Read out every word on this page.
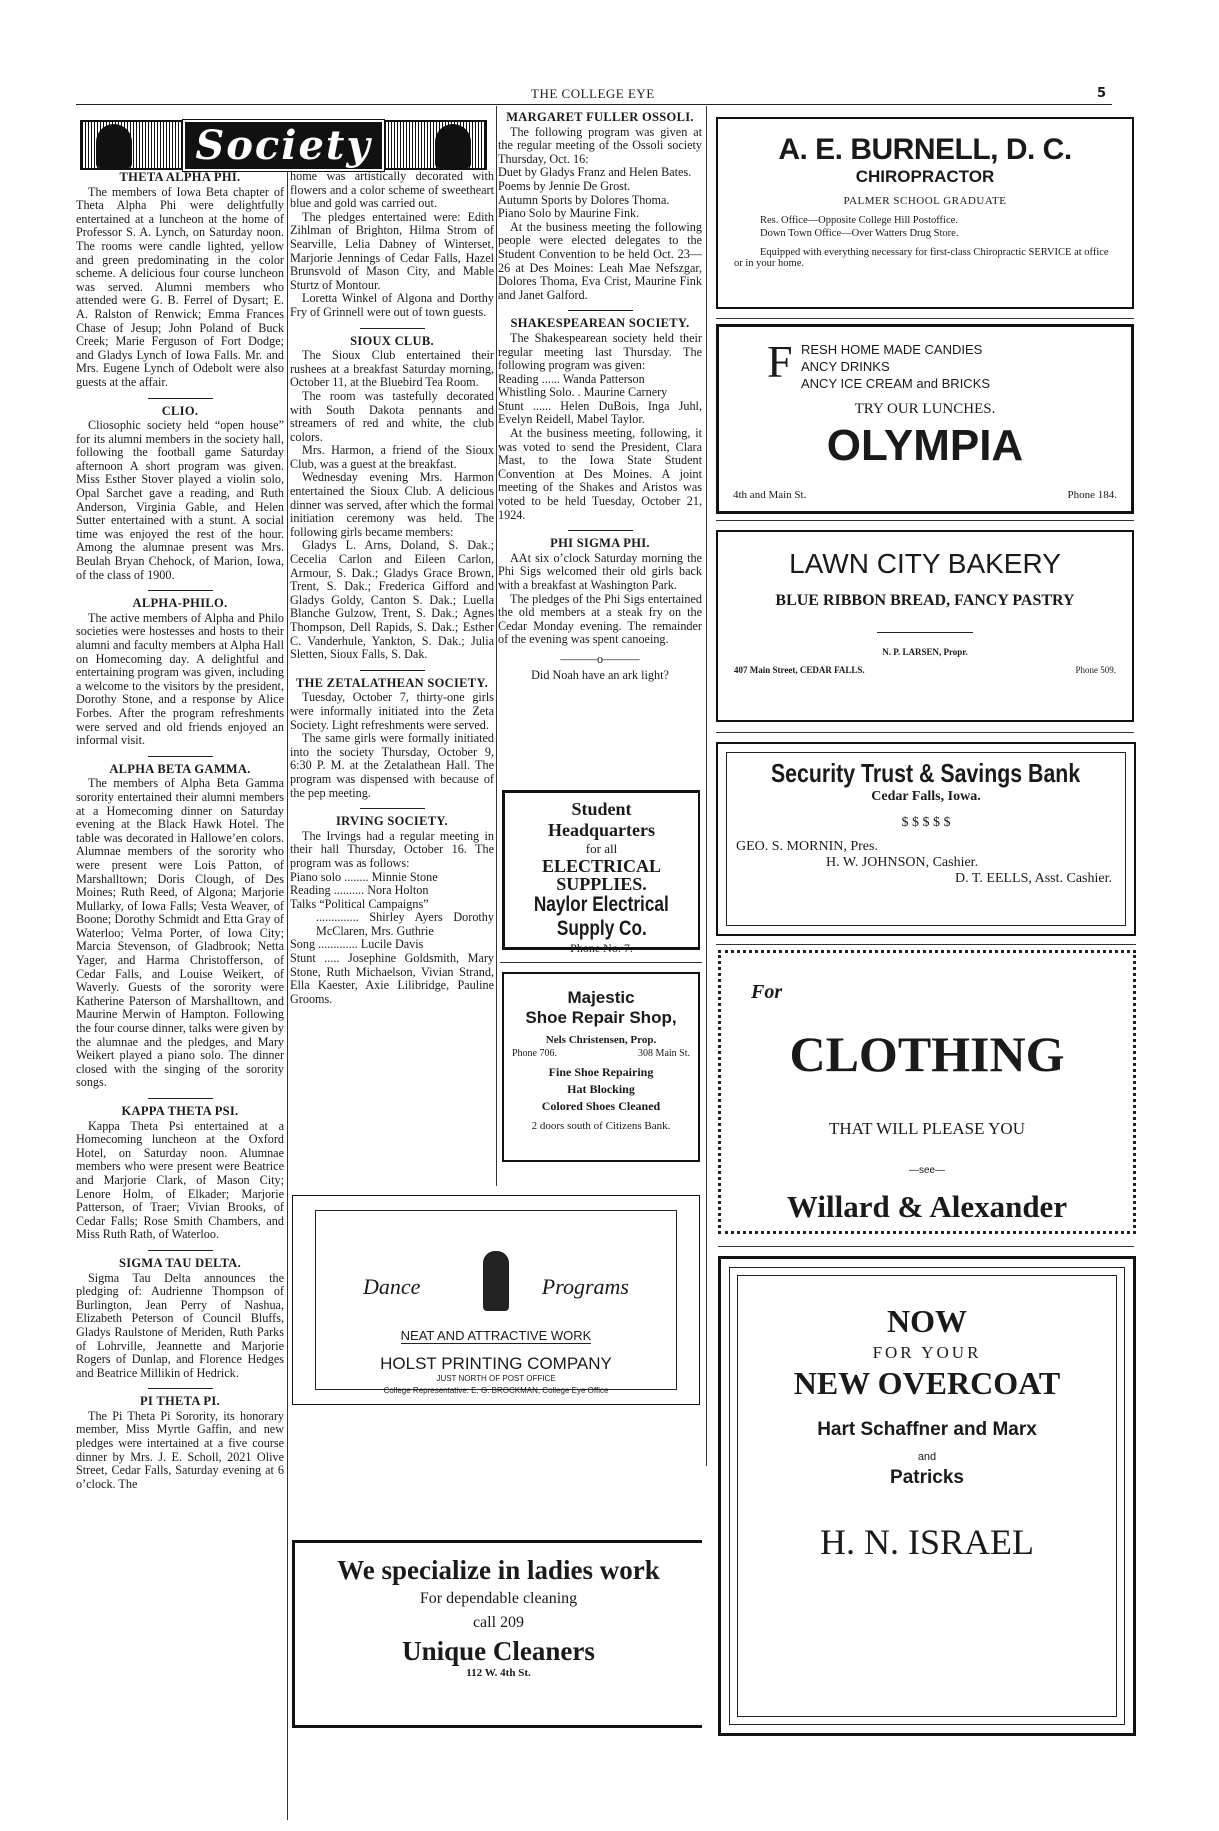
THE COLLEGE EYE	5
Society
THETA ALPHA PHI.

The members of Iowa Beta chapter of Theta Alpha Phi were delightfully entertained at a luncheon at the home of Professor S. A. Lynch, on Saturday noon. The rooms were candle lighted, yellow and green predominating in the color scheme. A delicious four course luncheon was served. Alumni members who attended were G. B. Ferrel of Dysart; E. A. Ralston of Renwick; Emma Frances Chase of Jesup; John Poland of Buck Creek; Marie Ferguson of Fort Dodge; and Gladys Lynch of Iowa Falls. Mr. and Mrs. Eugene Lynch of Odebolt were also guests at the affair.

CLIO.

Cliosophic society held “open house” for its alumni members in the society hall, following the football game Saturday afternoon A short program was given. Miss Esther Stover played a violin solo, Opal Sarchet gave a reading, and Ruth Anderson, Virginia Gable, and Helen Sutter entertained with a stunt. A social time was enjoyed the rest of the hour. Among the alumnae present was Mrs. Beulah Bryan Chehock, of Marion, Iowa, of the class of 1900.

ALPHA-PHILO.

The active members of Alpha and Philo societies were hostesses and hosts to their alumni and faculty members at Alpha Hall on Homecoming day. A delightful and entertaining program was given, including a welcome to the visitors by the president, Dorothy Stone, and a response by Alice Forbes. After the program refreshments were served and old friends enjoyed an informal visit.

ALPHA BETA GAMMA.

The members of Alpha Beta Gamma sorority entertained their alumni members at a Homecoming dinner on Saturday evening at the Black Hawk Hotel. The table was decorated in Hallowe’en colors. Alumnae members of the sorority who were present were Lois Patton, of Marshalltown; Doris Clough, of Des Moines; Ruth Reed, of Algona; Marjorie Mullarky, of Iowa Falls; Vesta Weaver, of Boone; Dorothy Schmidt and Etta Gray of Waterloo; Velma Porter, of Iowa City; Marcia Stevenson, of Gladbrook; Netta Yager, and Harma Christofferson, of Cedar Falls, and Louise Weikert, of Waverly. Guests of the sorority were Katherine Paterson of Marshalltown, and Maurine Merwin of Hampton. Following the four course dinner, talks were given by the alumnae and the pledges, and Mary Weikert played a piano solo. The dinner closed with the singing of the sorority songs.

KAPPA THETA PSI.

Kappa Theta Psi entertained at a Homecoming luncheon at the Oxford Hotel, on Saturday noon. Alumnae members who were present were Beatrice and Marjorie Clark, of Mason City; Lenore Holm, of Elkader; Marjorie Patterson, of Traer; Vivian Brooks, of Cedar Falls; Rose Smith Chambers, and Miss Ruth Rath, of Waterloo.

SIGMA TAU DELTA.

Sigma Tau Delta announces the pledging of: Audrienne Thompson of Burlington, Jean Perry of Nashua, Elizabeth Peterson of Council Bluffs, Gladys Raulstone of Meriden, Ruth Parks of Lohrville, Jeannette and Marjorie Rogers of Dunlap, and Florence Hedges and Beatrice Millikin of Hedrick.

PI THETA PI.

The Pi Theta Pi Sorority, its honorary member, Miss Myrtle Gaffin, and new pledges were intertained at a five course dinner by Mrs. J. E. Scholl, 2021 Olive Street, Cedar Falls, Saturday evening at 6 o’clock. The

home was artistically decorated with flowers and a color scheme of sweetheart blue and gold was carried out.

The pledges entertained were: Edith Zihlman of Brighton, Hilma Strom of Searville, Lelia Dabney of Winterset, Marjorie Jennings of Cedar Falls, Hazel Brunsvold of Mason City, and Mable Sturtz of Montour.

Loretta Winkel of Algona and Dorthy Fry of Grinnell were out of town guests.

SIOUX CLUB.

The Sioux Club entertained their rushees at a breakfast Saturday morning, October 11, at the Bluebird Tea Room.

The room was tastefully decorated with South Dakota pennants and streamers of red and white, the club colors.

Mrs. Harmon, a friend of the Sioux Club, was a guest at the breakfast.

Wednesday evening Mrs. Harmon entertained the Sioux Club. A delicious dinner was served, after which the formal initiation ceremony was held. The following girls became members:

Gladys L. Arns, Doland, S. Dak.; Cecelia Carlon and Eileen Carlon, Armour, S. Dak.; Gladys Grace Brown, Trent, S. Dak.; Frederica Gifford and Gladys Goldy, Canton S. Dak.; Luella Blanche Gulzow, Trent, S. Dak.; Agnes Thompson, Dell Rapids, S. Dak.; Esther C. Vanderhule, Yankton, S. Dak.; Julia Sletten, Sioux Falls, S. Dak.

THE ZETALATHEAN SOCIETY.

Tuesday, October 7, thirty-one girls were informally initiated into the Zeta Society. Light refreshments were served.

The same girls were formally initiated into the society Thursday, October 9, 6:30 P. M. at the Zetalathean Hall. The program was dispensed with because of the pep meeting.

IRVING SOCIETY.

The Irvings had a regular meeting in their hall Thursday, October 16. The program was as follows:

Piano solo ........ Minnie Stone

Reading .......... Nora Holton

Talks “Political Campaigns”

.............. Shirley Ayers Dorothy McClaren, Mrs. Guthrie

Song ............. Lucile Davis

Stunt ..... Josephine Goldsmith, Mary Stone, Ruth Michaelson, Vivian Strand, Ella Kaester, Axie Lilibridge, Pauline Grooms.

MARGARET FULLER OSSOLI.

The following program was given at the regular meeting of the Ossoli society Thursday, Oct. 16:

Duet by Gladys Franz and Helen Bates.

Poems by Jennie De Grost.

Autumn Sports by Dolores Thoma.

Piano Solo by Maurine Fink.

At the business meeting the following people were elected delegates to the Student Convention to be held Oct. 23—26 at Des Moines: Leah Mae Nefszgar, Dolores Thoma, Eva Crist, Maurine Fink and Janet Galford.

SHAKESPEAREAN SOCIETY.

The Shakespearean society held their regular meeting last Thursday. The following program was given:

Reading ...... Wanda Patterson

Whistling Solo. . Maurine Carnery

Stunt ...... Helen DuBois, Inga Juhl, Evelyn Reidell, Mabel Taylor.

At the business meeting, following, it was voted to send the President, Clara Mast, to the Iowa State Student Convention at Des Moines. A joint meeting of the Shakes and Aristos was voted to be held Tuesday, October 21, 1924.

PHI SIGMA PHI.

AAt six o’clock Saturday morning the Phi Sigs welcomed their old girls back with a breakfast at Washington Park.

The pledges of the Phi Sigs entertained the old members at a steak fry on the Cedar Monday evening. The remainder of the evening was spent canoeing.

———o———
Did Noah have an ark light?
Student
Headquarters
for all
ELECTRICAL
SUPPLIES.
Naylor Electrical
Supply Co.
Phone No. 7.
Majestic
Shoe Repair Shop,
Nels Christensen, Prop.
Phone 706.	308 Main St.
Fine Shoe Repairing
Hat Blocking
Colored Shoes Cleaned
2 doors south of Citizens Bank.
Dance	Programs
NEAT AND ATTRACTIVE WORK
HOLST PRINTING COMPANY
JUST NORTH OF POST OFFICE
College Representative: E. G. BROCKMAN, College Eye Office
We specialize in ladies work
For dependable cleaning
call 209
Unique Cleaners
112 W. 4th St.
A. E. BURNELL, D. C.
CHIROPRACTOR
PALMER SCHOOL GRADUATE
Res. Office—Opposite College Hill Postoffice.
Down Town Office—Over Watters Drug Store.
Equipped with everything necessary for first-class Chiropractic SERVICE at office or in your home.
F RESH HOME MADE CANDIES
ANCY DRINKS
ANCY ICE CREAM and BRICKS
TRY OUR LUNCHES.
OLYMPIA
4th and Main St.	Phone 184.
LAWN CITY BAKERY
BLUE RIBBON BREAD, FANCY PASTRY
N. P. LARSEN, Propr.
407 Main Street, CEDAR FALLS.	Phone 509.
Security Trust & Savings Bank

Cedar Falls, Iowa.
$ $ $ $ $
GEO. S. MORNIN, Pres.
H. W. JOHNSON, Cashier.
D. T. EELLS, Asst. Cashier.
For
CLOTHING
THAT WILL PLEASE YOU
—see—
Willard & Alexander
NOW
FOR YOUR
NEW OVERCOAT
Hart Schaffner and Marx
and
Patricks
H. N. ISRAEL
